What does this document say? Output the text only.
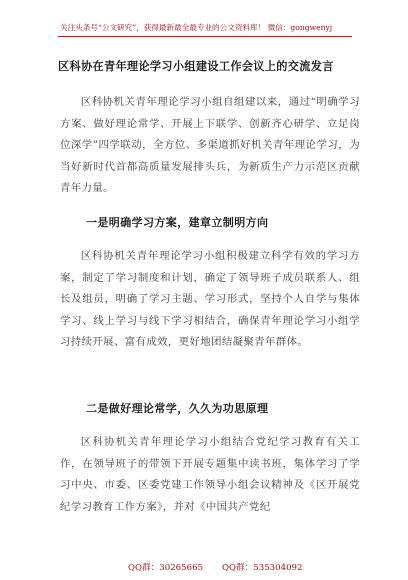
关注头条号“公文研究”，获得最新最全最专业的公文资料库！ 微信：gongwenyj
区科协在青年理论学习小组建设工作会议上的交流发言
区科协机关青年理论学习小组自组建以来，通过“明确学习方案、做好理论常学、开展上下联学、创新齐心研学、立足岗位深学”四学联动，全方位、多渠道抓好机关青年理论学习，为当好新时代首都高质量发展排头兵，为新质生产力示范区贡献青年力量。
一是明确学习方案，建章立制明方向
区科协机关青年理论学习小组积极建立科学有效的学习方案，制定了学习制度和计划，确定了领导班子成员联系人、组长及组员，明确了学习主题、学习形式，坚持个人自学与集体学习、线上学习与线下学习相结合，确保青年理论学习小组学习持续开展、富有成效，更好地团结凝聚青年群体。
二是做好理论常学，久久为功思原理
区科协机关青年理论学习小组结合党纪学习教育有关工作，在领导班子的带领下开展专题集中读书班，集体学习了学习中央、市委、区委党建工作领导小组会议精神及《区开展党纪学习教育工作方案》，并对《中国共产党纪
QQ群：30265665 QQ群：535304092
